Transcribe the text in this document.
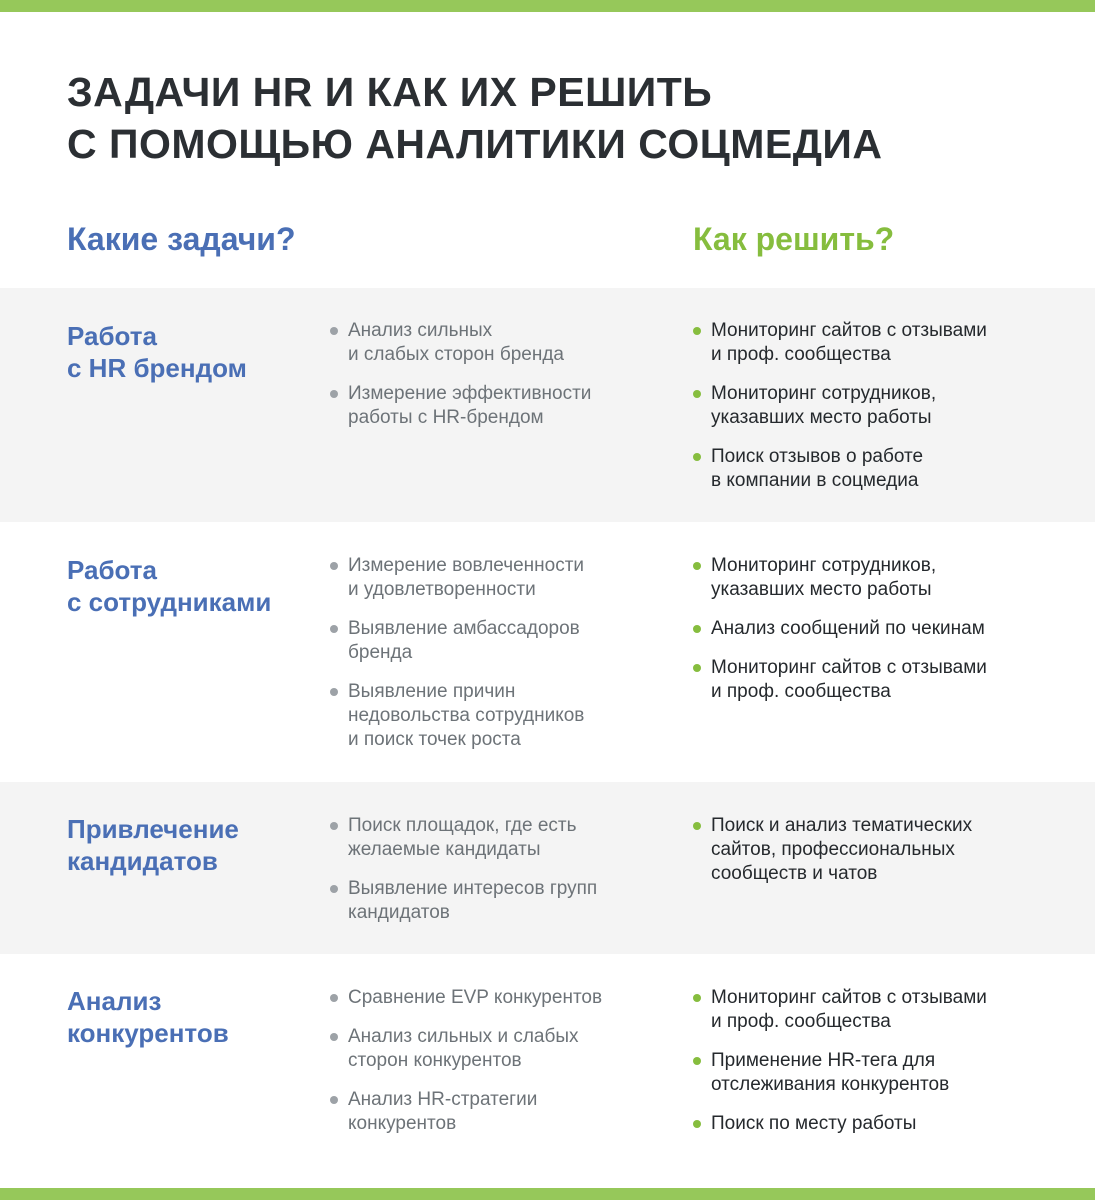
ЗАДАЧИ HR И КАК ИХ РЕШИТЬ
С ПОМОЩЬЮ АНАЛИТИКИ СОЦМЕДИА
Какие задачи?	Как решить?
Работа
с HR брендом
Анализ сильных
и слабых сторон бренда
Измерение эффективности
работы с HR-брендом
Мониторинг сайтов с отзывами
и проф. сообщества
Мониторинг сотрудников,
указавших место работы
Поиск отзывов о работе
в компании в соцмедиа
Работа
с сотрудниками
Измерение вовлеченности
и удовлетворенности
Выявление амбассадоров
бренда
Выявление причин
недовольства сотрудников
и поиск точек роста
Мониторинг сотрудников,
указавших место работы
Анализ сообщений по чекинам
Мониторинг сайтов с отзывами
и проф. сообщества
Привлечение
кандидатов
Поиск площадок, где есть
желаемые кандидаты
Выявление интересов групп
кандидатов
Поиск и анализ тематических
сайтов, профессиональных
сообществ и чатов
Анализ
конкурентов
Сравнение EVP конкурентов
Анализ сильных и слабых
сторон конкурентов
Анализ HR-стратегии
конкурентов
Мониторинг сайтов с отзывами
и проф. сообщества
Применение HR-тега для
отслеживания конкурентов
Поиск по месту работы
